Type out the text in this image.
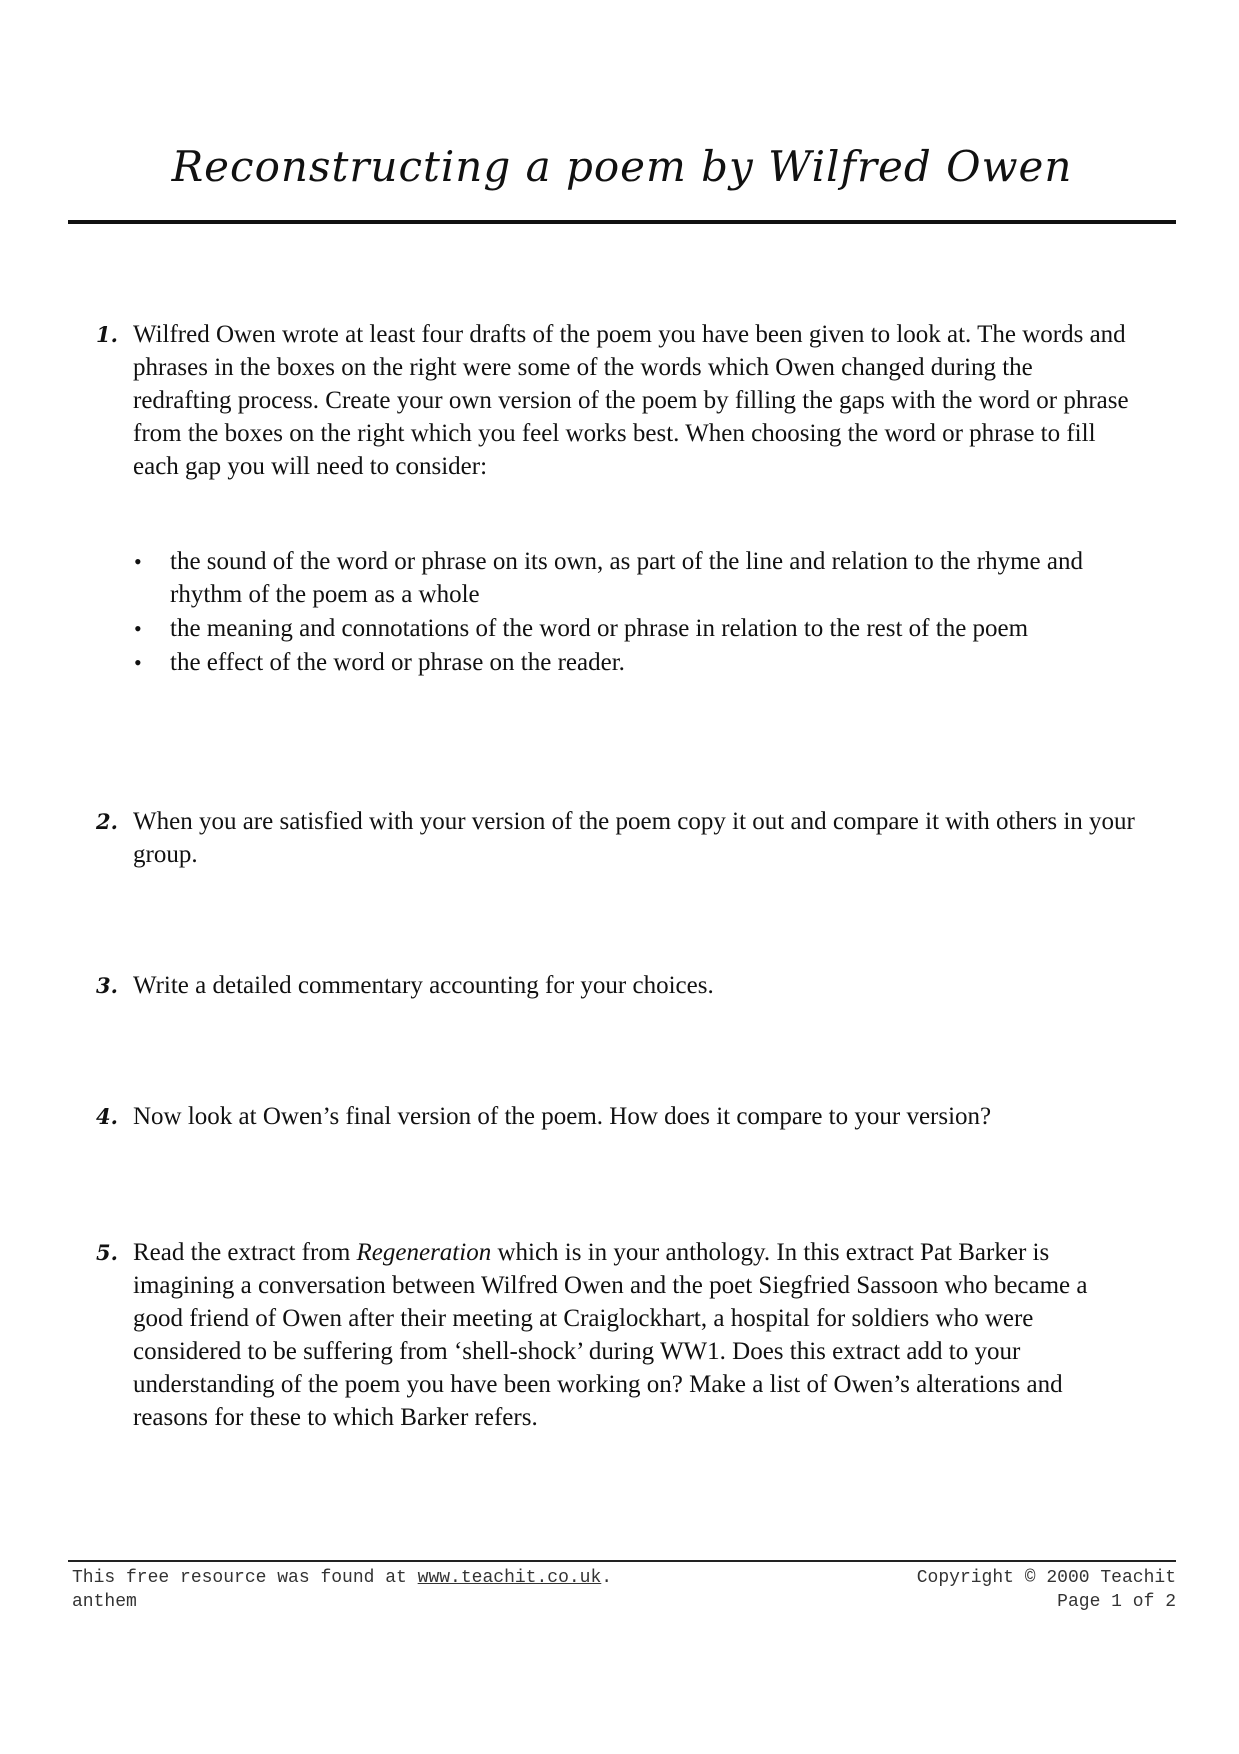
Reconstructing a poem by Wilfred Owen
1. Wilfred Owen wrote at least four drafts of the poem you have been given to look at. The words and phrases in the boxes on the right were some of the words which Owen changed during the redrafting process. Create your own version of the poem by filling the gaps with the word or phrase from the boxes on the right which you feel works best. When choosing the word or phrase to fill each gap you will need to consider:
• the sound of the word or phrase on its own, as part of the line and relation to the rhyme and rhythm of the poem as a whole
• the meaning and connotations of the word or phrase in relation to the rest of the poem
• the effect of the word or phrase on the reader.
2. When you are satisfied with your version of the poem copy it out and compare it with others in your group.
3. Write a detailed commentary accounting for your choices.
4. Now look at Owen’s final version of the poem. How does it compare to your version?
5. Read the extract from Regeneration which is in your anthology. In this extract Pat Barker is imagining a conversation between Wilfred Owen and the poet Siegfried Sassoon who became a good friend of Owen after their meeting at Craiglockhart, a hospital for soldiers who were considered to be suffering from ‘shell-shock’ during WW1. Does this extract add to your understanding of the poem you have been working on? Make a list of Owen’s alterations and reasons for these to which Barker refers.
This free resource was found at www.teachit.co.uk.
anthem
Copyright © 2000 Teachit
Page 1 of 2
